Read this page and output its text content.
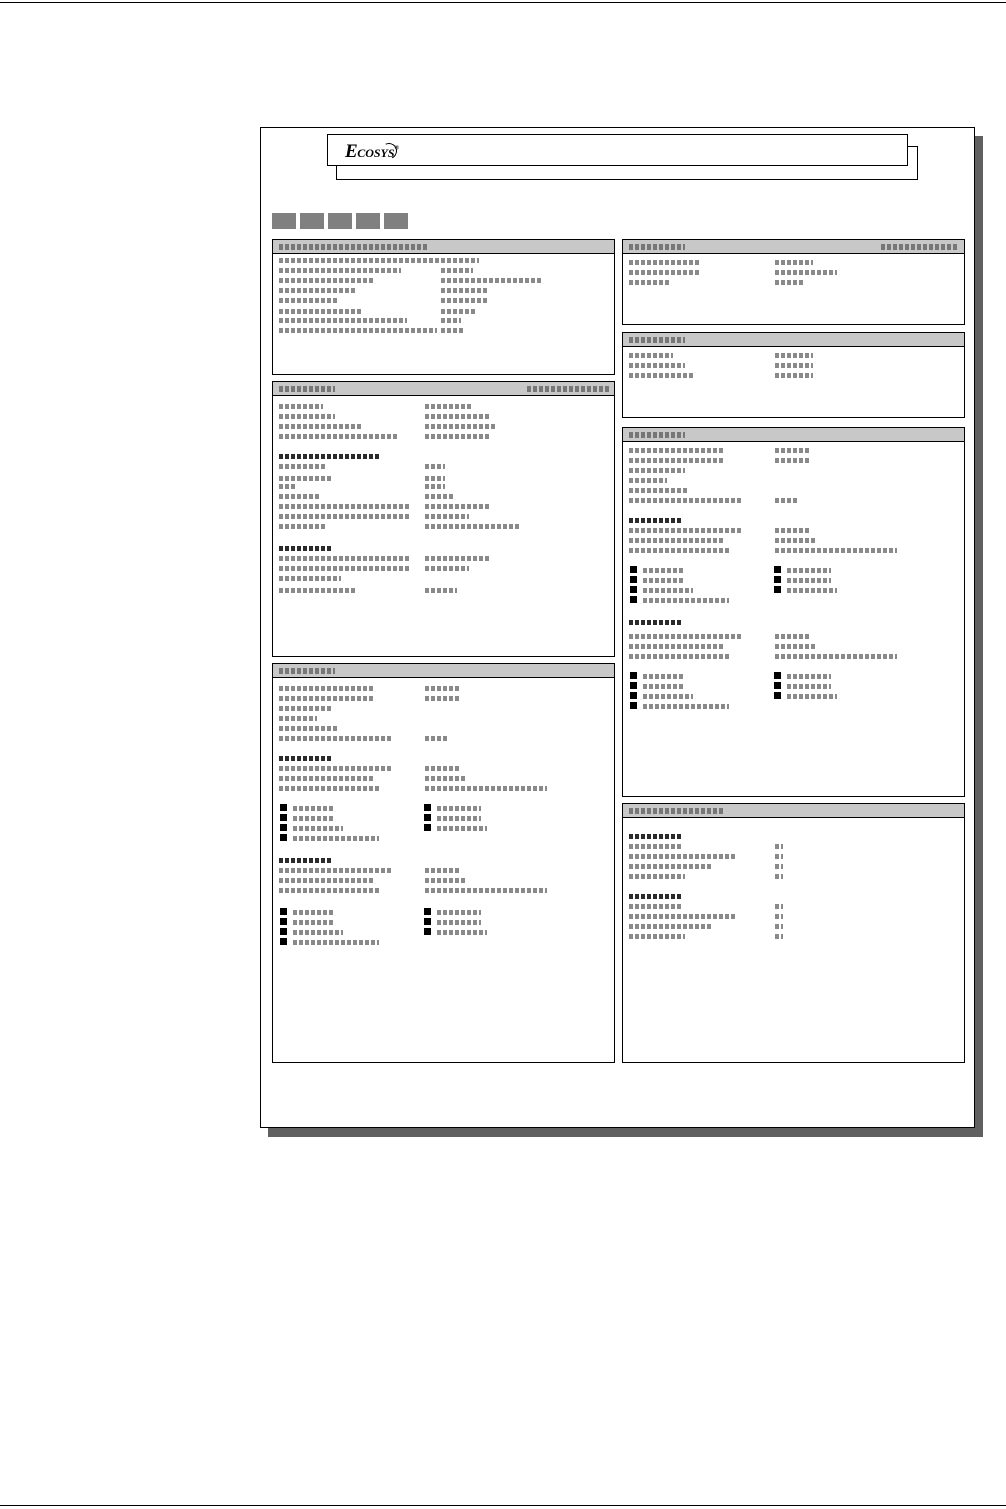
ECOSYS®
